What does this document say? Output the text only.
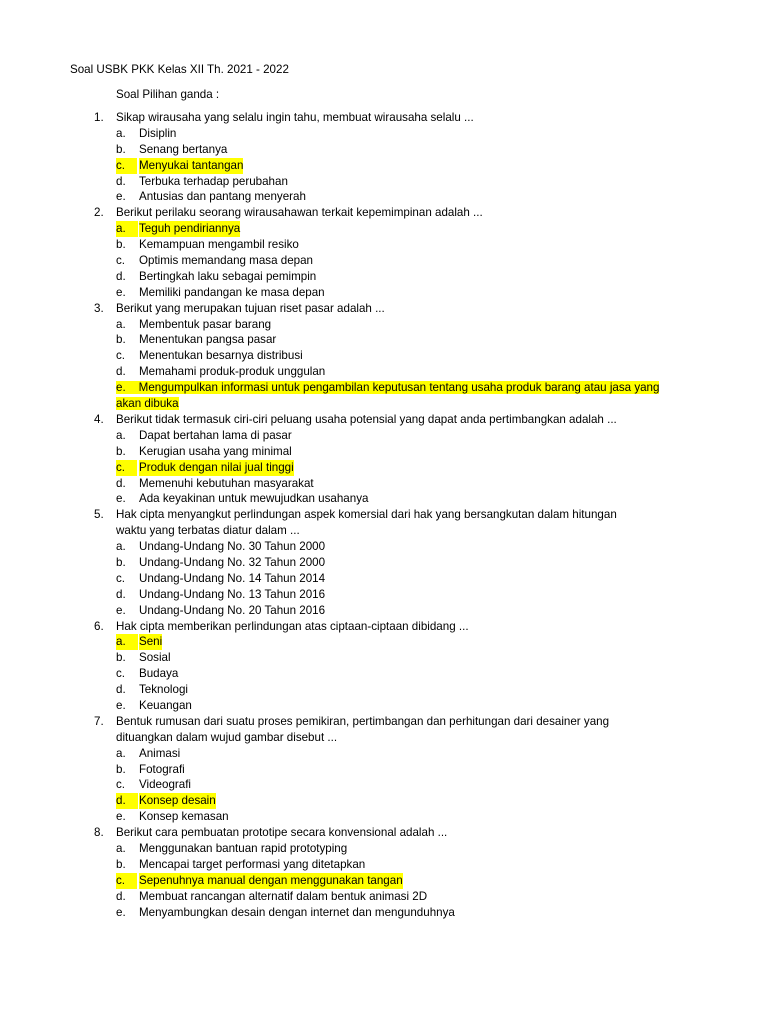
Soal USBK PKK Kelas XII Th. 2021 - 2022
Soal Pilihan ganda :
1. Sikap wirausaha yang selalu ingin tahu, membuat wirausaha selalu ...
a. Disiplin
b. Senang bertanya
c.	Menyukai tantangan
d. Terbuka terhadap perubahan
e. Antusias dan pantang menyerah
2. Berikut perilaku seorang wirausahawan terkait kepemimpinan adalah ...
a.	Teguh pendiriannya
b. Kemampuan mengambil resiko
c. Optimis memandang masa depan
d. Bertingkah laku sebagai pemimpin
e. Memiliki pandangan ke masa depan
3. Berikut yang merupakan tujuan riset pasar adalah ...
a. Membentuk pasar barang
b. Menentukan pangsa pasar
c. Menentukan besarnya distribusi
d. Memahami produk-produk unggulan
e. Mengumpulkan informasi untuk pengambilan keputusan tentang usaha produk barang atau jasa yang akan dibuka
4. Berikut tidak termasuk ciri-ciri peluang usaha potensial yang dapat anda pertimbangkan adalah ...
a. Dapat bertahan lama di pasar
b. Kerugian usaha yang minimal
c.	Produk dengan nilai jual tinggi
d. Memenuhi kebutuhan masyarakat
e. Ada keyakinan untuk mewujudkan usahanya
5. Hak cipta menyangkut perlindungan aspek komersial dari hak yang bersangkutan dalam hitungan
waktu yang terbatas diatur dalam ...
a. Undang-Undang No. 30 Tahun 2000
b. Undang-Undang No. 32 Tahun 2000
c. Undang-Undang No. 14 Tahun 2014
d. Undang-Undang No. 13 Tahun 2016
e. Undang-Undang No. 20 Tahun 2016
6. Hak cipta memberikan perlindungan atas ciptaan-ciptaan dibidang ...
a.	Seni
b. Sosial
c. Budaya
d. Teknologi
e. Keuangan
7. Bentuk rumusan dari suatu proses pemikiran, pertimbangan dan perhitungan dari desainer yang
dituangkan dalam wujud gambar disebut ...
a. Animasi
b. Fotografi
c. Videografi
d.	Konsep desain
e. Konsep kemasan
8. Berikut cara pembuatan prototipe secara konvensional adalah ...
a. Menggunakan bantuan rapid prototyping
b. Mencapai target performasi yang ditetapkan
c.	Sepenuhnya manual dengan menggunakan tangan
d. Membuat rancangan alternatif dalam bentuk animasi 2D
e. Menyambungkan desain dengan internet dan mengunduhnya
